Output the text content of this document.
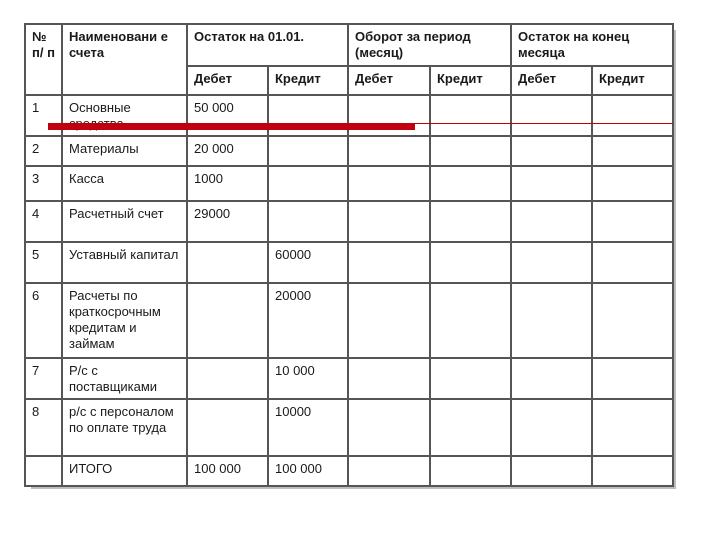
№ п/ п	Наименовани е счета	Остаток на 01.01.		Оборот за период (месяц)		Остаток на конец месяца	
		Дебет	Кредит	Дебет	Кредит	Дебет	Кредит
1	Основные	50 000					
2	Материалы	20 000					
3	Касса	1000					
4	Расчетный счет	29000					
5	Уставный капитал		60000				
6	Расчеты по краткосрочным кредитам и займам		20000				
7	Р/с с поставщиками		10 000				
8	р/с с персоналом по оплате труда		10000				
	ИТОГО	100 000	100 000				
